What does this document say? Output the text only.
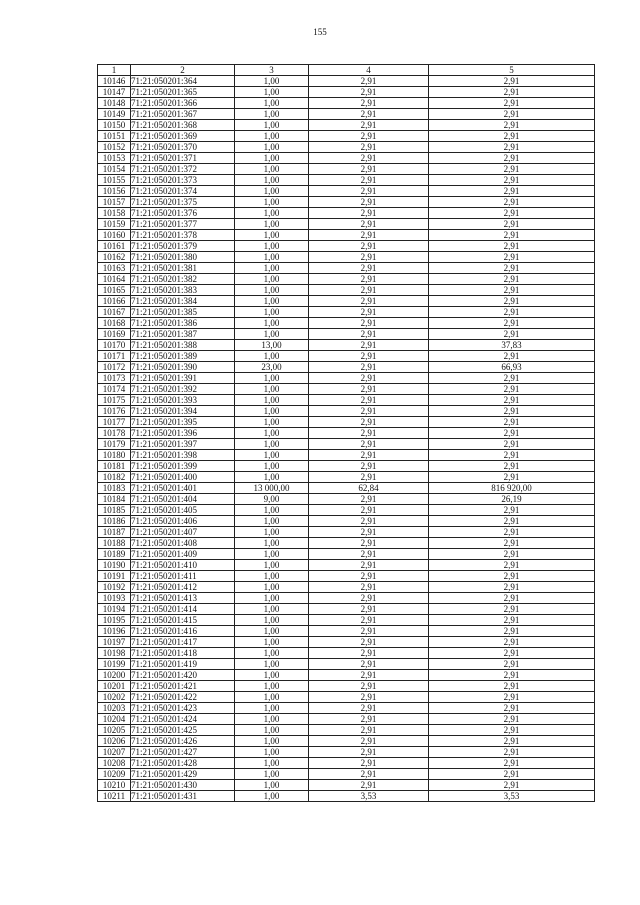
155
1	2	3	4	5
10146	71:21:050201:364	1,00	2,91	2,91
10147	71:21:050201:365	1,00	2,91	2,91
10148	71:21:050201:366	1,00	2,91	2,91
10149	71:21:050201:367	1,00	2,91	2,91
10150	71:21:050201:368	1,00	2,91	2,91
10151	71:21:050201:369	1,00	2,91	2,91
10152	71:21:050201:370	1,00	2,91	2,91
10153	71:21:050201:371	1,00	2,91	2,91
10154	71:21:050201:372	1,00	2,91	2,91
10155	71:21:050201:373	1,00	2,91	2,91
10156	71:21:050201:374	1,00	2,91	2,91
10157	71:21:050201:375	1,00	2,91	2,91
10158	71:21:050201:376	1,00	2,91	2,91
10159	71:21:050201:377	1,00	2,91	2,91
10160	71:21:050201:378	1,00	2,91	2,91
10161	71:21:050201:379	1,00	2,91	2,91
10162	71:21:050201:380	1,00	2,91	2,91
10163	71:21:050201:381	1,00	2,91	2,91
10164	71:21:050201:382	1,00	2,91	2,91
10165	71:21:050201:383	1,00	2,91	2,91
10166	71:21:050201:384	1,00	2,91	2,91
10167	71:21:050201:385	1,00	2,91	2,91
10168	71:21:050201:386	1,00	2,91	2,91
10169	71:21:050201:387	1,00	2,91	2,91
10170	71:21:050201:388	13,00	2,91	37,83
10171	71:21:050201:389	1,00	2,91	2,91
10172	71:21:050201:390	23,00	2,91	66,93
10173	71:21:050201:391	1,00	2,91	2,91
10174	71:21:050201:392	1,00	2,91	2,91
10175	71:21:050201:393	1,00	2,91	2,91
10176	71:21:050201:394	1,00	2,91	2,91
10177	71:21:050201:395	1,00	2,91	2,91
10178	71:21:050201:396	1,00	2,91	2,91
10179	71:21:050201:397	1,00	2,91	2,91
10180	71:21:050201:398	1,00	2,91	2,91
10181	71:21:050201:399	1,00	2,91	2,91
10182	71:21:050201:400	1,00	2,91	2,91
10183	71:21:050201:401	13 000,00	62,84	816 920,00
10184	71:21:050201:404	9,00	2,91	26,19
10185	71:21:050201:405	1,00	2,91	2,91
10186	71:21:050201:406	1,00	2,91	2,91
10187	71:21:050201:407	1,00	2,91	2,91
10188	71:21:050201:408	1,00	2,91	2,91
10189	71:21:050201:409	1,00	2,91	2,91
10190	71:21:050201:410	1,00	2,91	2,91
10191	71:21:050201:411	1,00	2,91	2,91
10192	71:21:050201:412	1,00	2,91	2,91
10193	71:21:050201:413	1,00	2,91	2,91
10194	71:21:050201:414	1,00	2,91	2,91
10195	71:21:050201:415	1,00	2,91	2,91
10196	71:21:050201:416	1,00	2,91	2,91
10197	71:21:050201:417	1,00	2,91	2,91
10198	71:21:050201:418	1,00	2,91	2,91
10199	71:21:050201:419	1,00	2,91	2,91
10200	71:21:050201:420	1,00	2,91	2,91
10201	71:21:050201:421	1,00	2,91	2,91
10202	71:21:050201:422	1,00	2,91	2,91
10203	71:21:050201:423	1,00	2,91	2,91
10204	71:21:050201:424	1,00	2,91	2,91
10205	71:21:050201:425	1,00	2,91	2,91
10206	71:21:050201:426	1,00	2,91	2,91
10207	71:21:050201:427	1,00	2,91	2,91
10208	71:21:050201:428	1,00	2,91	2,91
10209	71:21:050201:429	1,00	2,91	2,91
10210	71:21:050201:430	1,00	2,91	2,91
10211	71:21:050201:431	1,00	3,53	3,53
